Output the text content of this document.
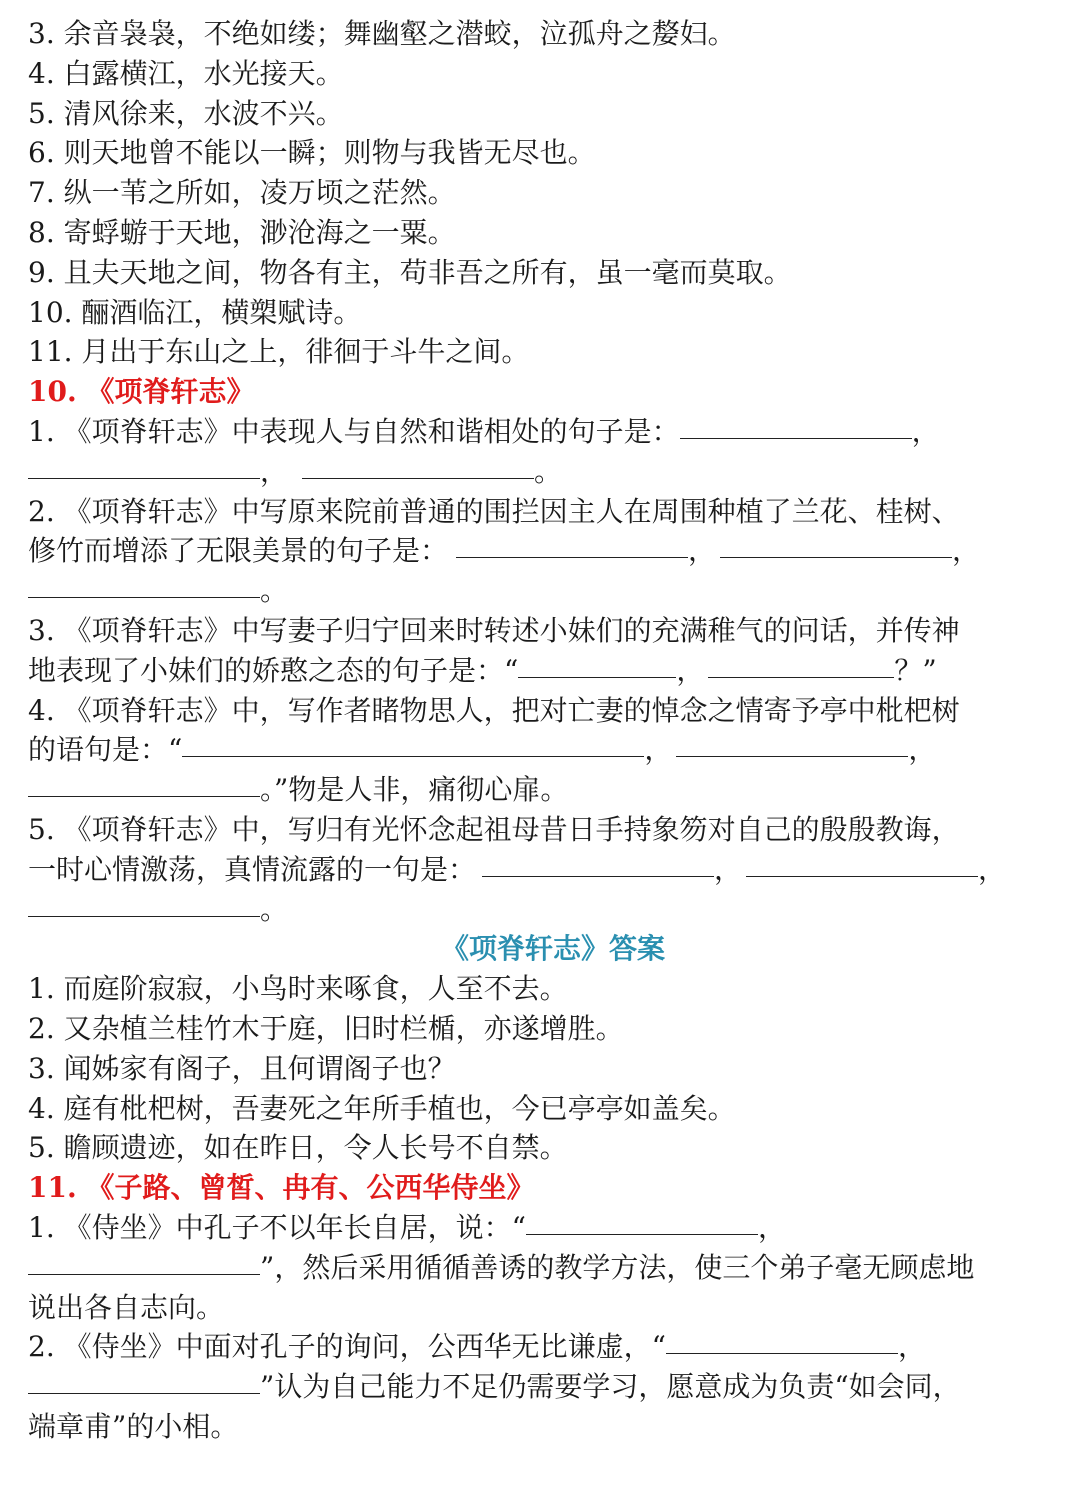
3. 余音袅袅，不绝如缕；舞幽壑之潜蛟，泣孤舟之嫠妇。
4. 白露横江，水光接天。
5. 清风徐来，水波不兴。
6. 则天地曾不能以一瞬；则物与我皆无尽也。
7. 纵一苇之所如，凌万顷之茫然。
8. 寄蜉蝣于天地，渺沧海之一粟。
9. 且夫天地之间，物各有主，苟非吾之所有，虽一毫而莫取。
10. 酾酒临江，横槊赋诗。
11. 月出于东山之上，徘徊于斗牛之间。
10. 《项脊轩志》
1. 《项脊轩志》中表现人与自然和谐相处的句子是：	，
，	。
2. 《项脊轩志》中写原来院前普通的围拦因主人在周围种植了兰花、桂树、
修竹而增添了无限美景的句子是：	，	，
。
3. 《项脊轩志》中写妻子归宁回来时转述小妹们的充满稚气的问话，并传神
地表现了小妹们的娇憨之态的句子是：“	，	？”
4. 《项脊轩志》中，写作者睹物思人，把对亡妻的悼念之情寄予亭中枇杷树
的语句是：“	，	，
。”物是人非，痛彻心扉。
5. 《项脊轩志》中，写归有光怀念起祖母昔日手持象笏对自己的殷殷教诲，
一时心情激荡，真情流露的一句是：	，	，
。
《项脊轩志》答案
1. 而庭阶寂寂，小鸟时来啄食，人至不去。
2. 又杂植兰桂竹木于庭，旧时栏楯，亦遂增胜。
3. 闻姊家有阁子，且何谓阁子也？
4. 庭有枇杷树，吾妻死之年所手植也，今已亭亭如盖矣。
5. 瞻顾遗迹，如在昨日，令人长号不自禁。
11. 《子路、曾皙、冉有、公西华侍坐》
1. 《侍坐》中孔子不以年长自居，说：“	，
”，然后采用循循善诱的教学方法，使三个弟子毫无顾虑地
说出各自志向。
2. 《侍坐》中面对孔子的询问，公西华无比谦虚，“	，
”认为自己能力不足仍需要学习，愿意成为负责“如会同，
端章甫”的小相。
